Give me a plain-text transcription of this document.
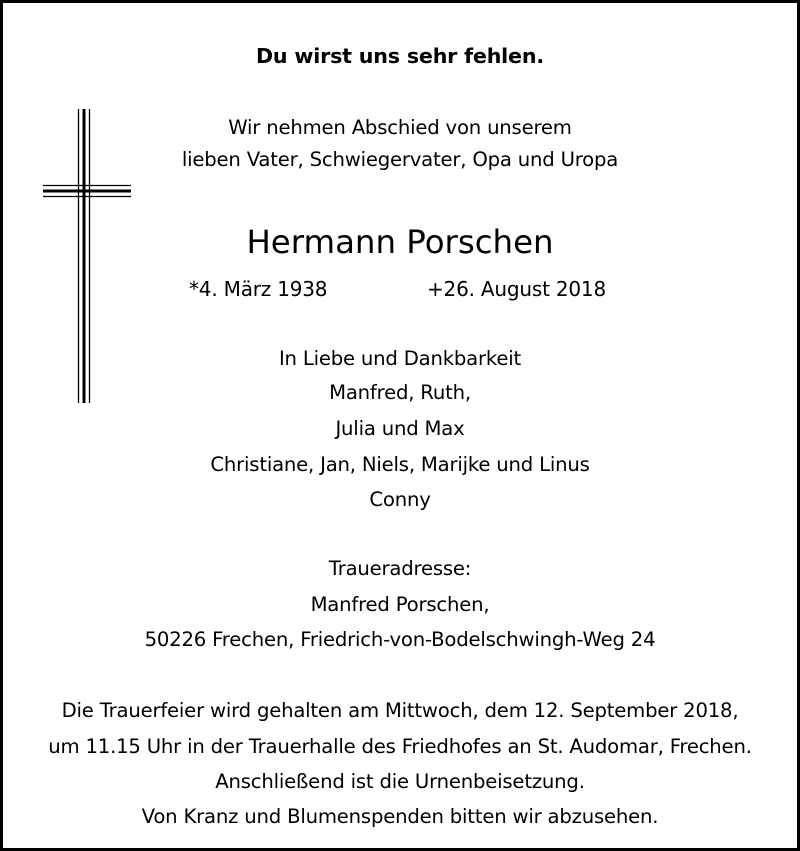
Du wirst uns sehr fehlen.
Wir nehmen Abschied von unserem
lieben Vater, Schwiegervater, Opa und Uropa
Hermann Porschen
*4. März 1938	+26. August 2018
In Liebe und Dankbarkeit
Manfred, Ruth,
Julia und Max
Christiane, Jan, Niels, Marijke und Linus
Conny
Traueradresse:
Manfred Porschen,
50226 Frechen, Friedrich-von-Bodelschwingh-Weg 24
Die Trauerfeier wird gehalten am Mittwoch, dem 12. September 2018,
um 11.15 Uhr in der Trauerhalle des Friedhofes an St. Audomar, Frechen.
Anschließend ist die Urnenbeisetzung.
Von Kranz und Blumenspenden bitten wir abzusehen.
